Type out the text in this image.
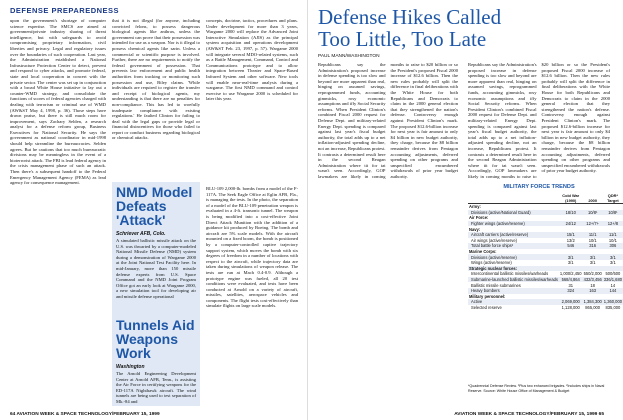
DEFENSE PREPAREDNESS

upon the government's shortage of computer science expertise. The SMCS are aimed at government/private industry sharing of threat intelligence, but with safeguards to avoid compromising proprietary information, civil liberties and privacy. Legal and regulatory issues over the boundaries of such cooperation. Last year, the Administration established a National Infrastructure Protection Center to detect, prevent and respond to cyber attacks, and promote federal, state and local cooperation in concert with the private sector. The center was set up in conjunction with a broad White House initiative to lay out a counter-WMD strategy, and consolidate the functions of scores of federal agencies charged with dealing with terrorism or criminal use of WMD (AW&ST May 4, 1998, p. 36). Those steps have drawn praise, but there is still much room for improvement, says Zachary Selden, a research analyst for a defense reform group, Business Executives for National Security. He says the government as national coordinator in mid-1998 should help streamline the bureaucracies. Selden agrees. But he cautions that too much bureaucratic divisions may be meaningless in the event of a bioterrorist attack. The FBI is lead federal agency in the crisis management phase of such an attack. Then there's a subsequent handoff to the Federal Emergency Management Agency (FEMA) as lead agency for consequence management.

that it is not illegal (for anyone, including convicted felons, to possess dangerous biological agents like anthrax, unless the government can prove that their possession was intended for use as a weapon. Nor is it illegal to possess chemical agents like sarin. Unless a commercial or scientific purpose is involved. Further, there are no requirements to notify the federal government of possession. That prevents law enforcement and public health authorities from tracking or monitoring such possession and use, Biley claims. 'While individuals are required to register the transfer and receipt of biological agents, my understanding is that there are no penalties for non-compliance. This has led to woefully inadequate compliance with existing regulations.' He faulted Clinton for failing to deal with the legal gaps or provide legal or financial disincentives for those who failed to report or conduct business regarding biological or chemical attacks.

NMD Model Defeats 'Attack'
Schriever AFB, Colo.
A simulated ballistic missile attack on the U.S. was thwarted by a computer-modeled National Missile Defense (NMD) system during a demonstration of Wargame 2000 at the Joint National Test Facility here. In mid-January, more than 150 missile defense experts from U.S. Space Command and the NMD Joint Program Office got an early look at Wargame 2000, a new simulation tool for developing air and missile defense operational
Tunnels Aid Weapons Work
Washington
The Arnold Engineering Development Center at Arnold AFB, Tenn., is assisting the Air Force in certifying weapons for the ED-117A Nighthawk aircraft. The wind tunnels are being used to test separation of Mk.-84 and

concepts, doctrine, tactics, procedures and plans. Under development for more than 3 years, Wargame 2000 will replace the Advanced Joint Interactive Simulation (AJIS) as the principal system acquisition and operations development (AW&ST Feb. 23, 1997, p. 57). Wargame 2000 will integrate several MDO-related systems, such as a Battle Management, Command, Control and Communications prototype and to allow integration between Theater and Space-Based Infrared System and other software. New tools will enable near-real-time analysis during a wargame. The first NMD command and control exercise to use Wargame 2000 is scheduled for later this year.

BLU-109 2,000-lb. bombs from a model of the F-117A. The Seek Eagle Office at Eglin AFB, Fla., is managing the tests. In the photo, the separation of a model of the BLU-109 penetration weapon is evaluated in a 4-ft. transonic tunnel. The weapon is being modified into a cost-effective Joint Direct Attack Munition with the addition of a guidance kit produced by Boeing. The bomb and aircraft are 5% scale models. With the aircraft mounted on a fixed boom, the bomb is positioned by a computer-controlled captive trajectory support system, which moves the bomb with six degrees of freedom in a number of locations with respect to the aircraft, while trajectory data are taken during simulations of weapon release. The tests are run at Mach 0.4-0.9. Although a prototype engine was fueled, all 20 test conditions were evaluated, and tests have been conducted at Arnold on a variety of aircraft, missiles, satellites, aerospace vehicles and components. The flight tests cost-effectively than simulate flights on large scale models.

64 AVIATION WEEK & SPACE TECHNOLOGY/FEBRUARY 15, 1999
Defense Hikes Called Too Little, Too Late
PAUL MANN/WASHINGTON

Republicans say the Administration's proposed increase in defense spending is too slow and beyond are more apparent than real, hinging on assumed savings, reprogrammed funds, accounting gimmicks, rosy economic assumptions and iffy Social Security reforms. When President Clinton's combined Fiscal 2000 request for Defense Dept. and military-related Energy Dept. spending is compared against last year's fiscal budget authority, the total adds up to a net inflation-adjusted spending decline, not an increase, Republicans protest. It contrasts a determined result here in the second Reagan Administration where tit for tat wasn't seen. Accordingly, GOP lawmakers are likely in coming months to raise to $20 billion or so the President's proposed Fiscal 2000 increase of $12.6 billion. Then the new rules probably will split the difference in final deliberations with the White House for both Republicans and Democrats to claim in the 2000 general election that they strengthened the nation's defense. Controversy enough against President Clinton's mark. The proposed $12.6-billion increase for next year is fair amount to only $4 billion in new budget authority, they charge, because the $8 billion remainder derives from Pentagon accounting adjustments, deferred spending on other programs and unspecified encumbered withdrawals of prior year budget authority.

Republicans say the Administration's proposed increase in defense spending is too slow and beyond are more apparent than real, hinging on assumed savings, reprogrammed funds, accounting gimmicks, rosy economic assumptions and iffy Social Security reforms. When President Clinton's combined Fiscal 2000 request for Defense Dept. and military-related Energy Dept. spending is compared against last year's fiscal budget authority, the total adds up to a net inflation-adjusted spending decline, not an increase, Republicans protest. It contrasts a determined result here in the second Reagan Administration where tit for tat wasn't seen. Accordingly, GOP lawmakers are likely in coming months to raise to $20 billion or so the President's proposed Fiscal 2000 increase of $12.6 billion. Then the new rules probably will split the difference in final deliberations with the White House for both Republicans and Democrats to claim in the 2000 general election that they strengthened the nation's defense. Controversy enough against President Clinton's mark. The proposed $12.6-billion increase for next year is fair amount to only $4 billion in new budget authority, they charge, because the $8 billion remainder derives from Pentagon accounting adjustments, deferred spending on other programs and unspecified encumbered withdrawals of prior year budget authority.

MILITARY FORCE TRENDS
	Cold War (1990)	2000	QDR* Target
Army:			
Divisions (active/National Guard)	18/10	10/8¹	10/8¹
Air Force:			
Fighter wings (active/reserve)	24/12	12+/7+	12+/8
Navy:			
Aircraft carriers (active/reserve)	15/1	11/1	11/1
Air wings (active/reserve)	13/2	10/1	10/1
Total battle force ships²	546	316	306
Marine Corps:			
Divisions (active/reserve)	3/1	3/1	3/1
Wings (active/reserve)	3/1	3/1	3/1
Strategic nuclear forces:			
Intercontinental ballistic missiles/warheads	1,000/2,450	550/2,000	500/500
Submarine-launched ballistic missiles/warheads	568/4,864	432/3,456	336/1,680
Ballistic missile submarines	31	18	14
Heavy bombers	324	163	144
Military personnel:			
Active	2,069,000	1,384,300	1,360,000
Selected reserve	1,128,000	865,000	835,000
*Quadrennial Defense Review. ¹Plus two enhanced brigades. ²Includes ships in Naval Reserve. Source: White House Office of Management & Budget
AVIATION WEEK & SPACE TECHNOLOGY/FEBRUARY 15, 1999 65
